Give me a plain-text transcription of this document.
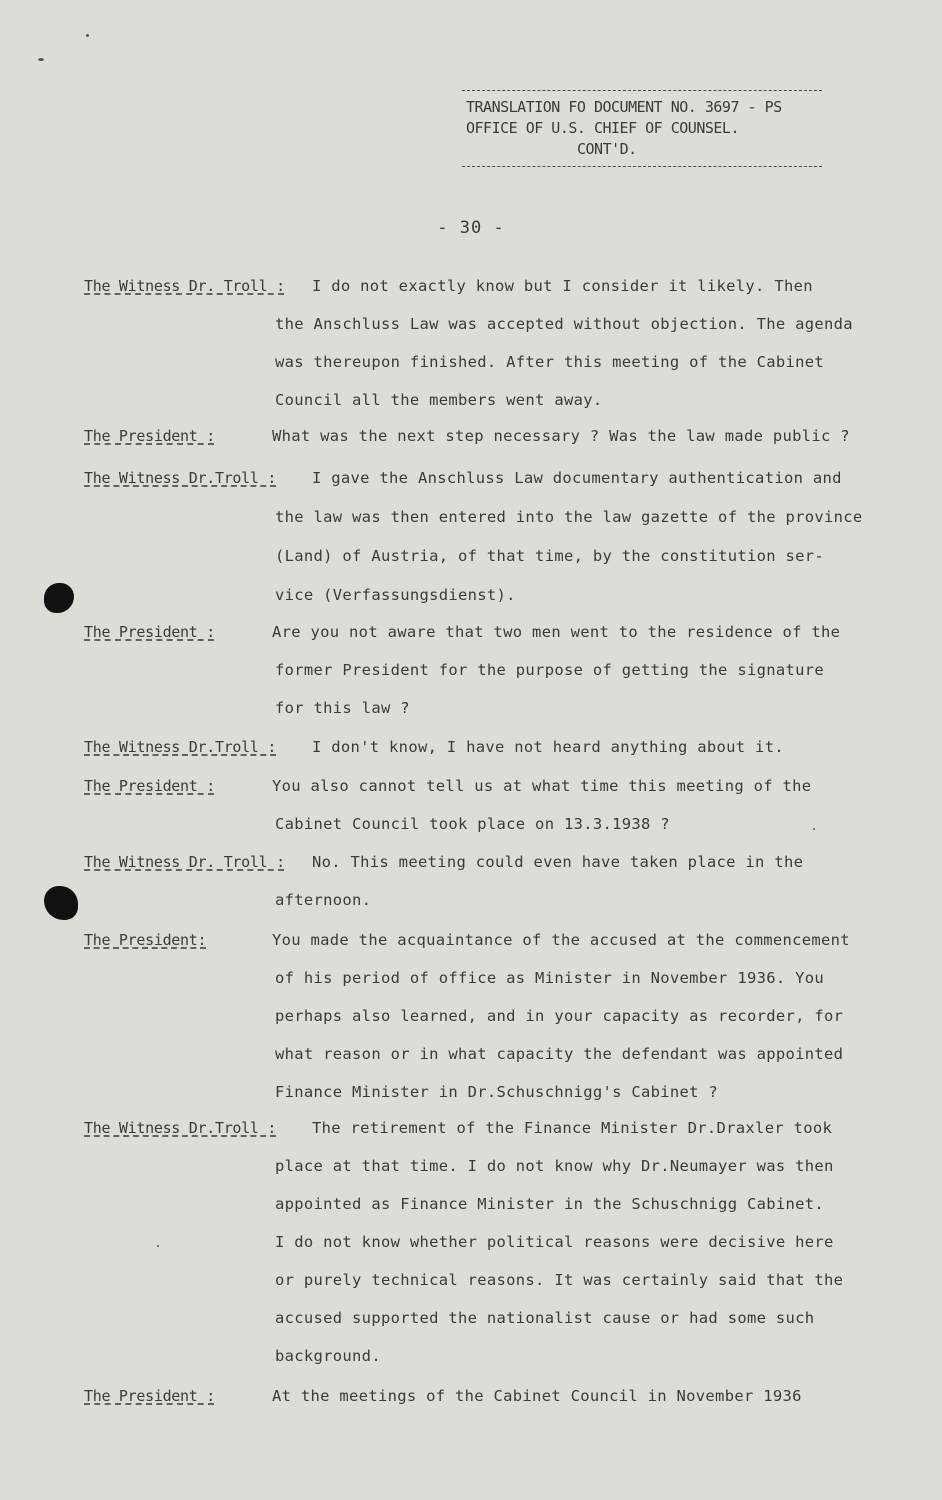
TRANSLATION FO DOCUMENT NO. 3697 - PS
OFFICE OF U.S. CHIEF OF COUNSEL.
CONT'D.
- 30 -
The Witness Dr. Troll : I do not exactly know but I consider it likely. Then
the Anschluss Law was accepted without objection. The agenda
was thereupon finished. After this meeting of the Cabinet
Council all the members went away.
The President :	What was the next step necessary ? Was the law made public ?
The Witness Dr.Troll : I gave the Anschluss Law documentary authentication and
the law was then entered into the law gazette of the province
(Land) of Austria, of that time, by the constitution ser-
vice (Verfassungsdienst).
The President :	Are you not aware that two men went to the residence of the
former President for the purpose of getting the signature
for this law ?
The Witness Dr.Troll : I don't know, I have not heard anything about it.
The President :	You also cannot tell us at what time this meeting of the
Cabinet Council took place on 13.3.1938 ?
The Witness Dr. Troll : No. This meeting could even have taken place in the
afternoon.
The President:	You made the acquaintance of the accused at the commencement
of his period of office as Minister in November 1936. You
perhaps also learned, and in your capacity as recorder, for
what reason or in what capacity the defendant was appointed
Finance Minister in Dr.Schuschnigg's Cabinet ?
The Witness Dr.Troll : The retirement of the Finance Minister Dr.Draxler took
place at that time. I do not know why Dr.Neumayer was then
appointed as Finance Minister in the Schuschnigg Cabinet.
I do not know whether political reasons were decisive here
or purely technical reasons. It was certainly said that the
accused supported the nationalist cause or had some such
background.
The President :	At the meetings of the Cabinet Council in November 1936
